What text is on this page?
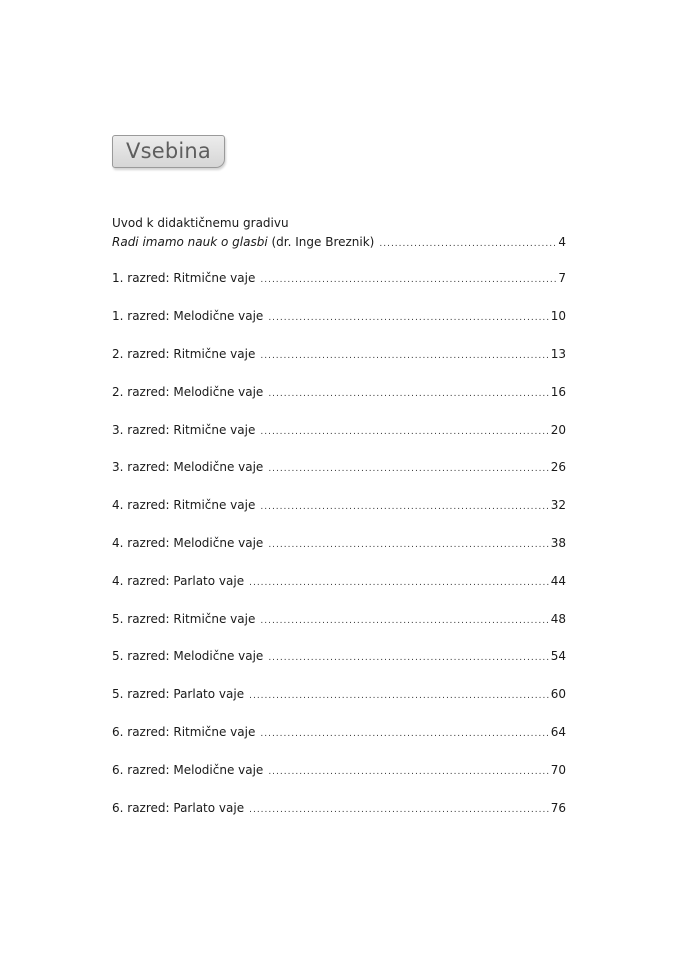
Vsebina
Uvod k didaktičnemu gradivu
Radi imamo nauk o glasbi (dr. Inge Breznik) .....	4
1. razred: Ritmične vaje .....	7
1. razred: Melodične vaje .....	10
2. razred: Ritmične vaje .....	13
2. razred: Melodične vaje .....	16
3. razred: Ritmične vaje .....	20
3. razred: Melodične vaje .....	26
4. razred: Ritmične vaje .....	32
4. razred: Melodične vaje .....	38
4. razred: Parlato vaje .....	44
5. razred: Ritmične vaje .....	48
5. razred: Melodične vaje .....	54
5. razred: Parlato vaje .....	60
6. razred: Ritmične vaje .....	64
6. razred: Melodične vaje .....	70
6. razred: Parlato vaje .....	76
